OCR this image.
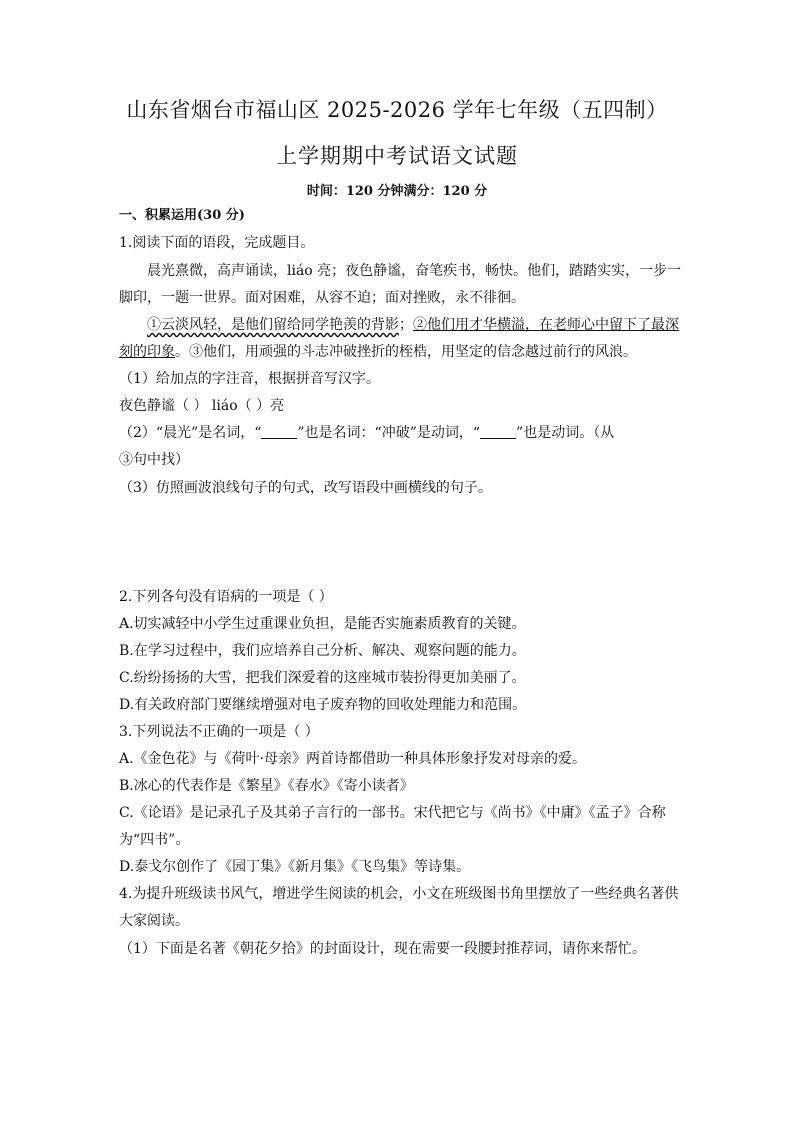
山东省烟台市福山区 2025-2026 学年七年级（五四制）
上学期期中考试语文试题
时间：120 分钟满分：120 分
一、积累运用(30 分)
1.阅读下面的语段，完成题目。
晨光熹微，高声诵读，liáo 亮；夜色静谧，奋笔疾书，畅快。他们，踏踏实实，一步一
脚印，一题一世界。面对困难，从容不迫；面对挫败，永不徘徊。
①云淡风轻，是他们留给同学艳羡的背影；②他们用才华横溢，在老师心中留下了最深
刻的印象。③他们，用顽强的斗志冲破挫折的桎梏，用坚定的信念越过前行的风浪。
（1）给加点的字注音，根据拼音写汉字。
夜色静谧（ ） liáo（ ）亮
（2）“晨光”是名词，“	”也是名词：“冲破”是动词，“	”也是动词。（从
③句中找）
（3）仿照画波浪线句子的句式，改写语段中画横线的句子。
2.下列各句没有语病的一项是（ ）
A.切实减轻中小学生过重课业负担，是能否实施素质教育的关键。
B.在学习过程中，我们应培养自己分析、解决、观察问题的能力。
C.纷纷扬扬的大雪，把我们深爱着的这座城市装扮得更加美丽了。
D.有关政府部门要继续增强对电子废弃物的回收处理能力和范围。
3.下列说法不正确的一项是（ ）
A.《金色花》与《荷叶·母亲》两首诗都借助一种具体形象抒发对母亲的爱。
B.冰心的代表作是《繁星》《春水》《寄小读者》
C.《论语》是记录孔子及其弟子言行的一部书。宋代把它与《尚书》《中庸》《孟子》合称
为“四书”。
D.泰戈尔创作了《园丁集》《新月集》《飞鸟集》等诗集。
4.为提升班级读书风气，增进学生阅读的机会，小文在班级图书角里摆放了一些经典名著供
大家阅读。
（1）下面是名著《朝花夕拾》的封面设计，现在需要一段腰封推荐词，请你来帮忙。
